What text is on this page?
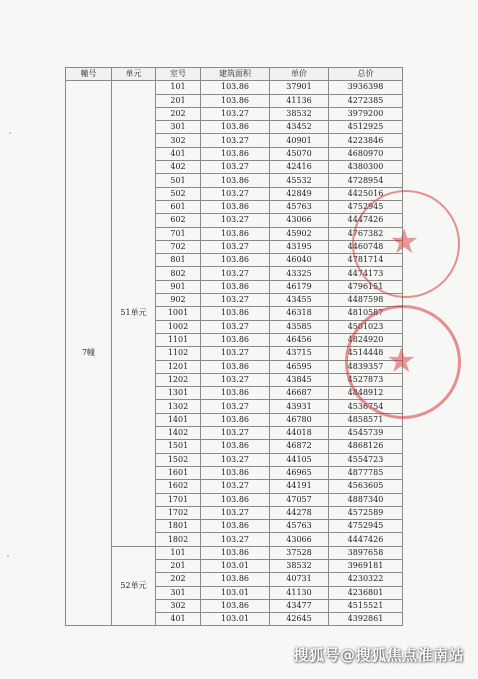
幢号	单元	室号	建筑面积	单价	总价
7幢	51单元	101	103.86	37901	3936398
		201	103.86	41136	4272385
		202	103.27	38532	3979200
		301	103.86	43452	4512925
		302	103.27	40901	4223846
		401	103.86	45070	4680970
		402	103.27	42416	4380300
		501	103.86	45532	4728954
		502	103.27	42849	4425016
		601	103.86	45763	4752945
		602	103.27	43066	4447426
		701	103.86	45902	4767382
		702	103.27	43195	4460748
		801	103.86	46040	4781714
		802	103.27	43325	4474173
		901	103.86	46179	4796151
		902	103.27	43455	4487598
		1001	103.86	46318	4810587
		1002	103.27	43585	4501023
		1101	103.86	46456	4824920
		1102	103.27	43715	4514448
		1201	103.86	46595	4839357
		1202	103.27	43845	4527873
		1301	103.86	46687	4848912
		1302	103.27	43931	4536754
		1401	103.86	46780	4858571
		1402	103.27	44018	4545739
		1501	103.86	46872	4868126
		1502	103.27	44105	4554723
		1601	103.86	46965	4877785
		1602	103.27	44191	4563605
		1701	103.86	47057	4887340
		1702	103.27	44278	4572589
		1801	103.86	45763	4752945
		1802	103.27	43066	4447426
	52单元	101	103.86	37528	3897658
		201	103.01	38532	3969181
		202	103.86	40731	4230322
		301	103.01	41130	4236801
		302	103.86	43477	4515521
		401	103.01	42645	4392861
★
★
搜狐号@搜狐焦点淮南站
